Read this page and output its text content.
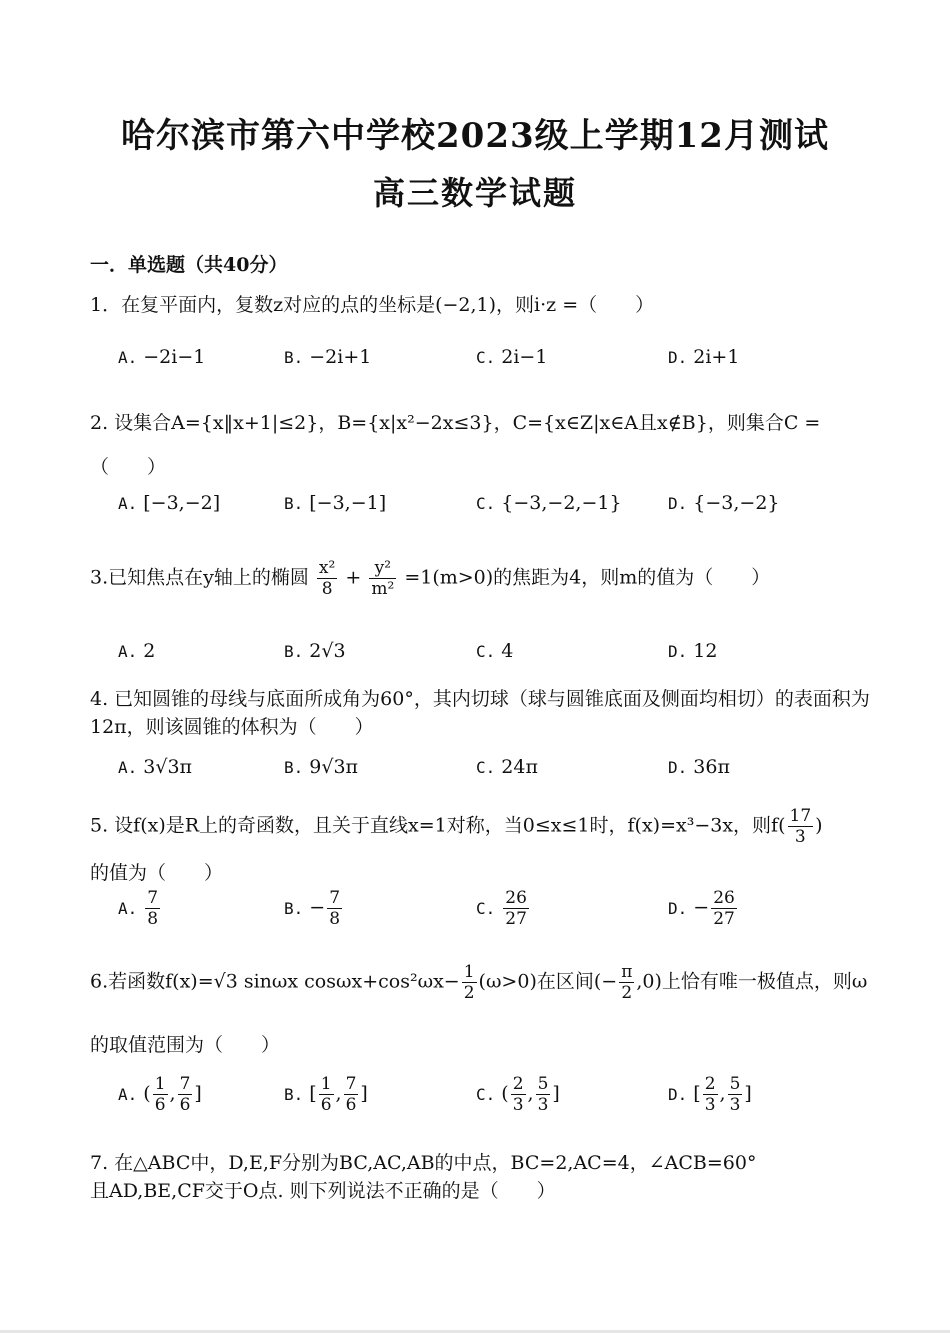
哈尔滨市第六中学校2023级上学期12月测试
高三数学试题
一．单选题（共40分）
1．在复平面内，复数z对应的点的坐标是(−2,1)，则i·z =（　　）
A. −2i−1	B. −2i+1	C. 2i−1	D. 2i+1
2. 设集合A={x‖x+1|≤2}，B={x|x²−2x≤3}，C={x∈Z|x∈A且x∉B}，则集合C =
（　　）
A. [−3,−2]	B. [−3,−1]	C. {−3,−2,−1}	D. {−3,−2}
3.已知焦点在y轴上的椭圆 $\frac{\text{x²}}{8} + \frac{\text{y²}}{\text{m²}} =1(m>0)$的焦距为4，则m的值为（　　）
A. 2	B. 2√3	C. 4	D. 12
4. 已知圆锥的母线与底面所成角为60°，其内切球（球与圆锥底面及侧面均相切）的表面积为
12π，则该圆锥的体积为（　　）
A. 3√3π	B. 9√3π	C. 24π	D. 36π
5. 设f(x)是R上的奇函数，且关于直线x=1对称，当0≤x≤1时，f(x)=x³−3x，则$f( \frac{17}{3}$ )
的值为（　　）
A. $\frac{7}{8}$	B. − $\frac{7}{8}$	C. $\frac{26}{27}$	D. − $\frac{26}{27}$
6.若函数f(x)=√3 sinωx $\cos\omega x+\cos^2\omega x- \frac{1}{2} (\omega>0)$在区间(− $\frac{\pi}{2} ,0$)上恰有唯一极值点，则ω
的取值范围为（　　）
A. ( $\frac{1}{6}$ , $\frac{7}{6}$ ]	B. [ $\frac{1}{6}$ , $\frac{7}{6}$ ]	C. ( $\frac{2}{3}$ , $\frac{5}{3}$ ]	D. [ $\frac{2}{3}$ , $\frac{5}{3}$ ]
7. 在△ABC中，D,E,F分别为BC,AC,AB的中点，BC=2,AC=4，∠ACB=60°
且AD,BE,CF交于O点. 则下列说法不正确的是（　　）
